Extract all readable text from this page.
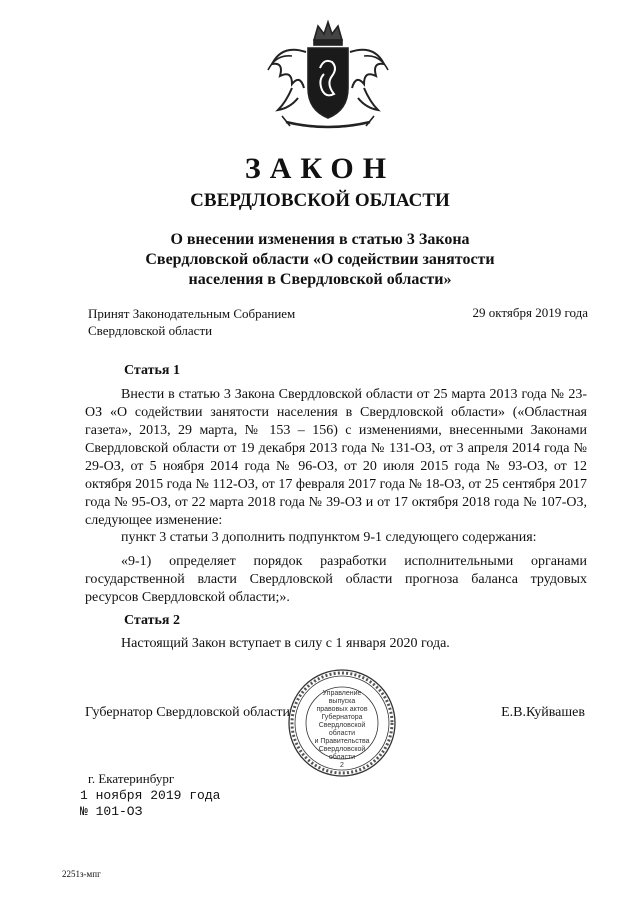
ЗАКОН
СВЕРДЛОВСКОЙ ОБЛАСТИ
О внесении изменения в статью 3 Закона
Свердловской области «О содействии занятости
населения в Свердловской области»
Принят Законодательным Собранием
Свердловской области
29 октября 2019 года
Статья 1
Внести в статью 3 Закона Свердловской области от 25 марта 2013 года № 23-ОЗ «О содействии занятости населения в Свердловской области» («Областная газета», 2013, 29 марта, № 153 – 156) с изменениями, внесенными Законами Свердловской области от 19 декабря 2013 года № 131-ОЗ, от 3 апреля 2014 года № 29-ОЗ, от 5 ноября 2014 года № 96-ОЗ, от 20 июля 2015 года № 93-ОЗ, от 12 октября 2015 года № 112-ОЗ, от 17 февраля 2017 года № 18-ОЗ, от 25 сентября 2017 года № 95-ОЗ, от 22 марта 2018 года № 39-ОЗ и от 17 октября 2018 года № 107-ОЗ, следующее изменение:
пункт 3 статьи 3 дополнить подпунктом 9-1 следующего содержания:
«9-1) определяет порядок разработки исполнительными органами государственной власти Свердловской области прогноза баланса трудовых ресурсов Свердловской области;».
Статья 2
Настоящий Закон вступает в силу с 1 января 2020 года.
Губернатор Свердловской области	Е.В.Куйвашев
Управление
выпуска
правовых актов
Губернатора
Свердловской области
и Правительства
Свердловской
области
2
г. Екатеринбург
1 ноября 2019 года
№ 101-ОЗ
2251з-мпг
